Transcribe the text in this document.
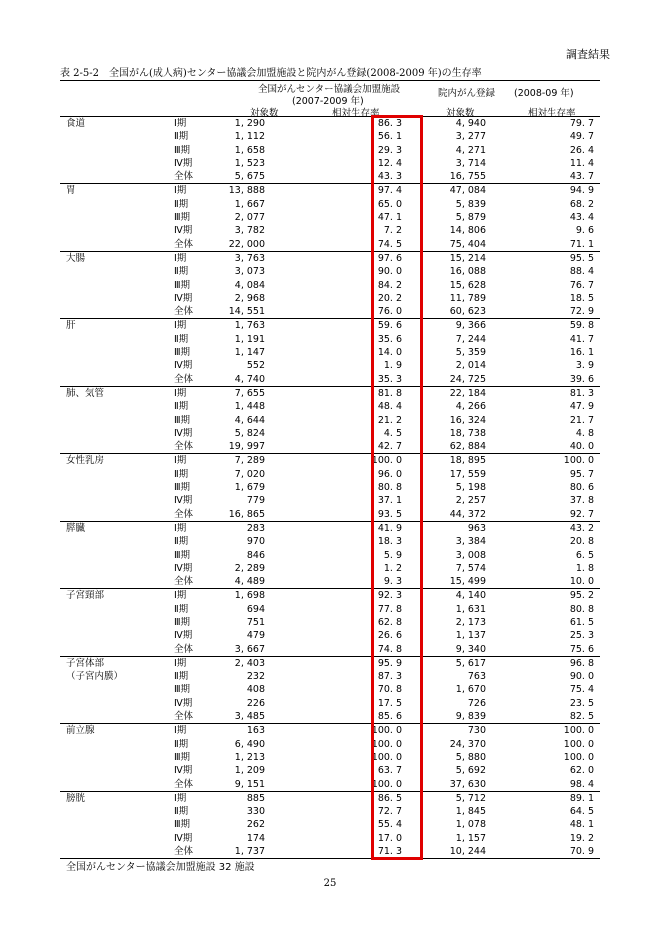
調査結果
表 2-5-2　全国がん(成人病)センター協議会加盟施設と院内がん登録(2008-2009 年)の生存率
全国がんセンター協議会加盟施設
(2007-2009 年)
院内がん登録 (2008-09 年)
対象数	相対生存率	対象数	相対生存率
食道	Ⅰ期	1, 290	86. 3	4, 940	79. 7
Ⅱ期	1, 112	56. 1	3, 277	49. 7
Ⅲ期	1, 658	29. 3	4, 271	26. 4
Ⅳ期	1, 523	12. 4	3, 714	11. 4
全体	5, 675	43. 3	16, 755	43. 7
胃	Ⅰ期	13, 888	97. 4	47, 084	94. 9
Ⅱ期	1, 667	65. 0	5, 839	68. 2
Ⅲ期	2, 077	47. 1	5, 879	43. 4
Ⅳ期	3, 782	7. 2	14, 806	9. 6
全体	22, 000	74. 5	75, 404	71. 1
大腸	Ⅰ期	3, 763	97. 6	15, 214	95. 5
Ⅱ期	3, 073	90. 0	16, 088	88. 4
Ⅲ期	4, 084	84. 2	15, 628	76. 7
Ⅳ期	2, 968	20. 2	11, 789	18. 5
全体	14, 551	76. 0	60, 623	72. 9
肝	Ⅰ期	1, 763	59. 6	9, 366	59. 8
Ⅱ期	1, 191	35. 6	7, 244	41. 7
Ⅲ期	1, 147	14. 0	5, 359	16. 1
Ⅳ期	552	1. 9	2, 014	3. 9
全体	4, 740	35. 3	24, 725	39. 6
肺、気管	Ⅰ期	7, 655	81. 8	22, 184	81. 3
Ⅱ期	1, 448	48. 4	4, 266	47. 9
Ⅲ期	4, 644	21. 2	16, 324	21. 7
Ⅳ期	5, 824	4. 5	18, 738	4. 8
全体	19, 997	42. 7	62, 884	40. 0
女性乳房	Ⅰ期	7, 289	100. 0	18, 895	100. 0
Ⅱ期	7, 020	96. 0	17, 559	95. 7
Ⅲ期	1, 679	80. 8	5, 198	80. 6
Ⅳ期	779	37. 1	2, 257	37. 8
全体	16, 865	93. 5	44, 372	92. 7
膵臓	Ⅰ期	283	41. 9	963	43. 2
Ⅱ期	970	18. 3	3, 384	20. 8
Ⅲ期	846	5. 9	3, 008	6. 5
Ⅳ期	2, 289	1. 2	7, 574	1. 8
全体	4, 489	9. 3	15, 499	10. 0
子宮頸部	Ⅰ期	1, 698	92. 3	4, 140	95. 2
Ⅱ期	694	77. 8	1, 631	80. 8
Ⅲ期	751	62. 8	2, 173	61. 5
Ⅳ期	479	26. 6	1, 137	25. 3
全体	3, 667	74. 8	9, 340	75. 6
子宮体部	Ⅰ期	2, 403	95. 9	5, 617	96. 8
（子宮内膜）	Ⅱ期	232	87. 3	763	90. 0
Ⅲ期	408	70. 8	1, 670	75. 4
Ⅳ期	226	17. 5	726	23. 5
全体	3, 485	85. 6	9, 839	82. 5
前立腺	Ⅰ期	163	100. 0	730	100. 0
Ⅱ期	6, 490	100. 0	24, 370	100. 0
Ⅲ期	1, 213	100. 0	5, 880	100. 0
Ⅳ期	1, 209	63. 7	5, 692	62. 0
全体	9, 151	100. 0	37, 630	98. 4
膀胱	Ⅰ期	885	86. 5	5, 712	89. 1
Ⅱ期	330	72. 7	1, 845	64. 5
Ⅲ期	262	55. 4	1, 078	48. 1
Ⅳ期	174	17. 0	1, 157	19. 2
全体	1, 737	71. 3	10, 244	70. 9
全国がんセンター協議会加盟施設 32 施設
25
